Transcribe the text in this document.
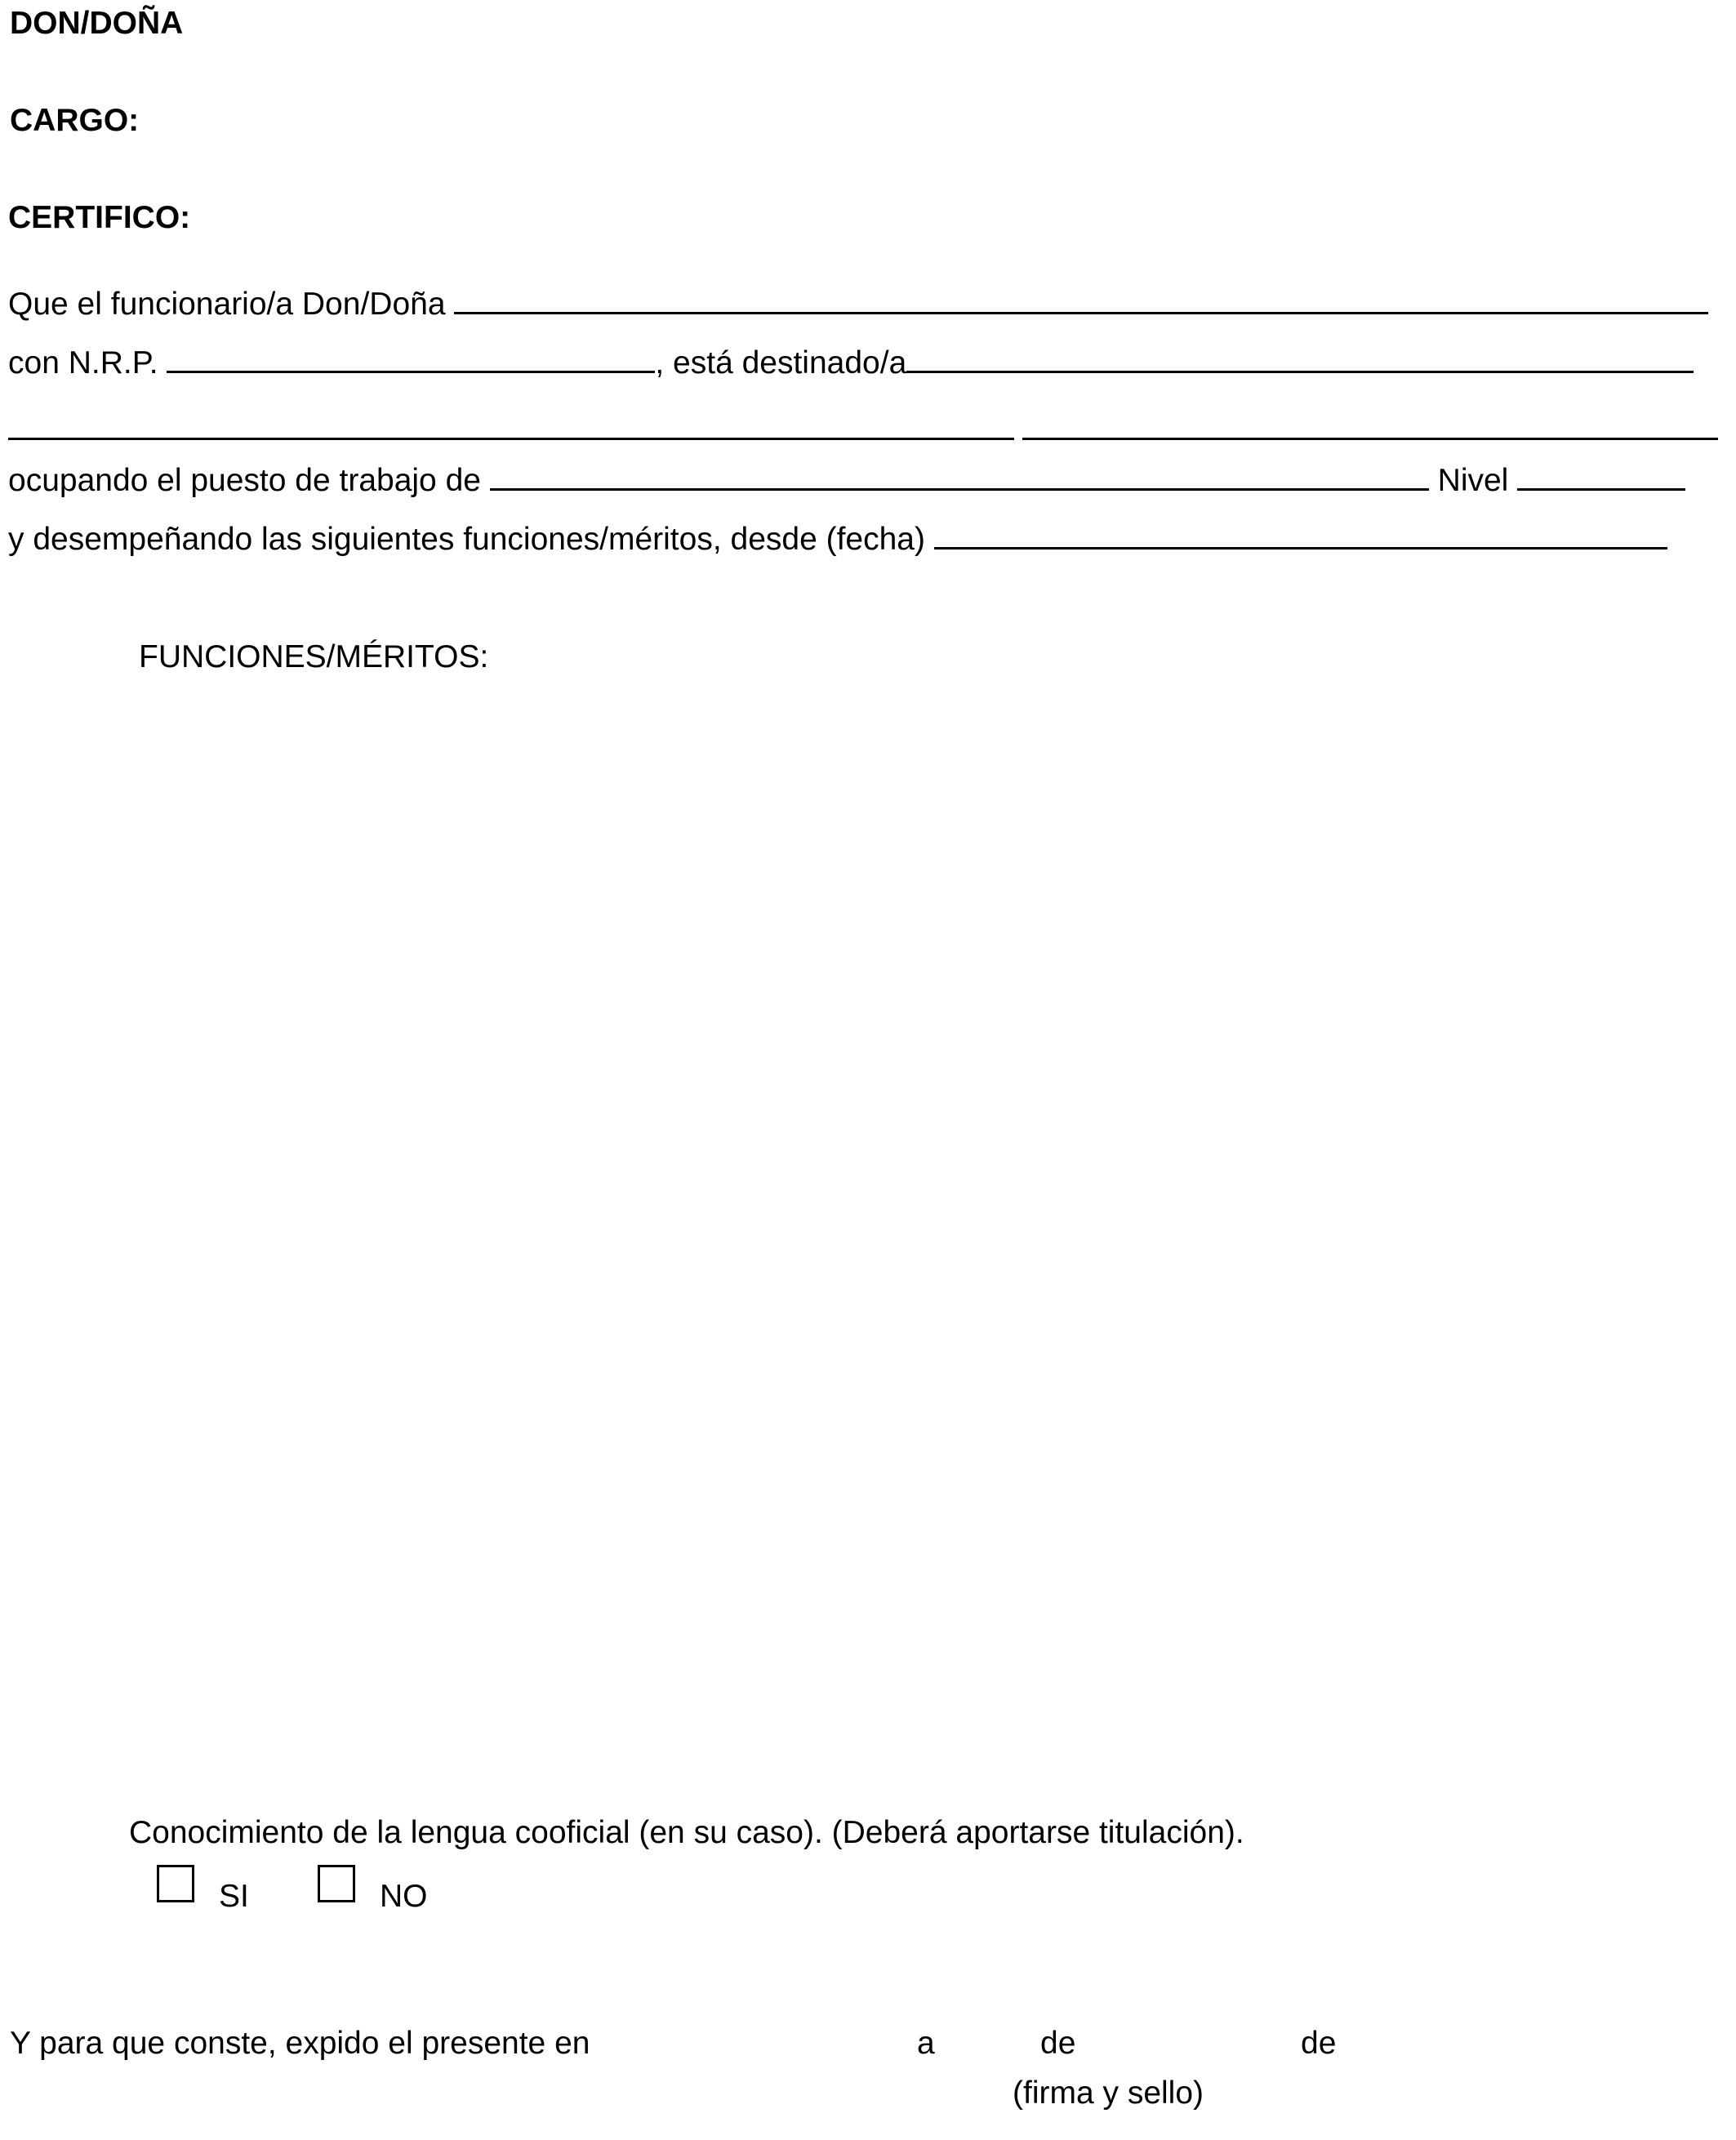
DON/DOÑA
CARGO:
CERTIFICO:
Que el funcionario/a Don/Doña
con N.R.P.	, está destinado/a
ocupando el puesto de trabajo de	Nivel
y desempeñando las siguientes funciones/méritos, desde (fecha)
FUNCIONES/MÉRITOS:
Conocimiento de la lengua cooficial (en su caso). (Deberá aportarse titulación).
SI	NO
Y para que conste, expido el presente en	a	de	de
(firma y sello)
